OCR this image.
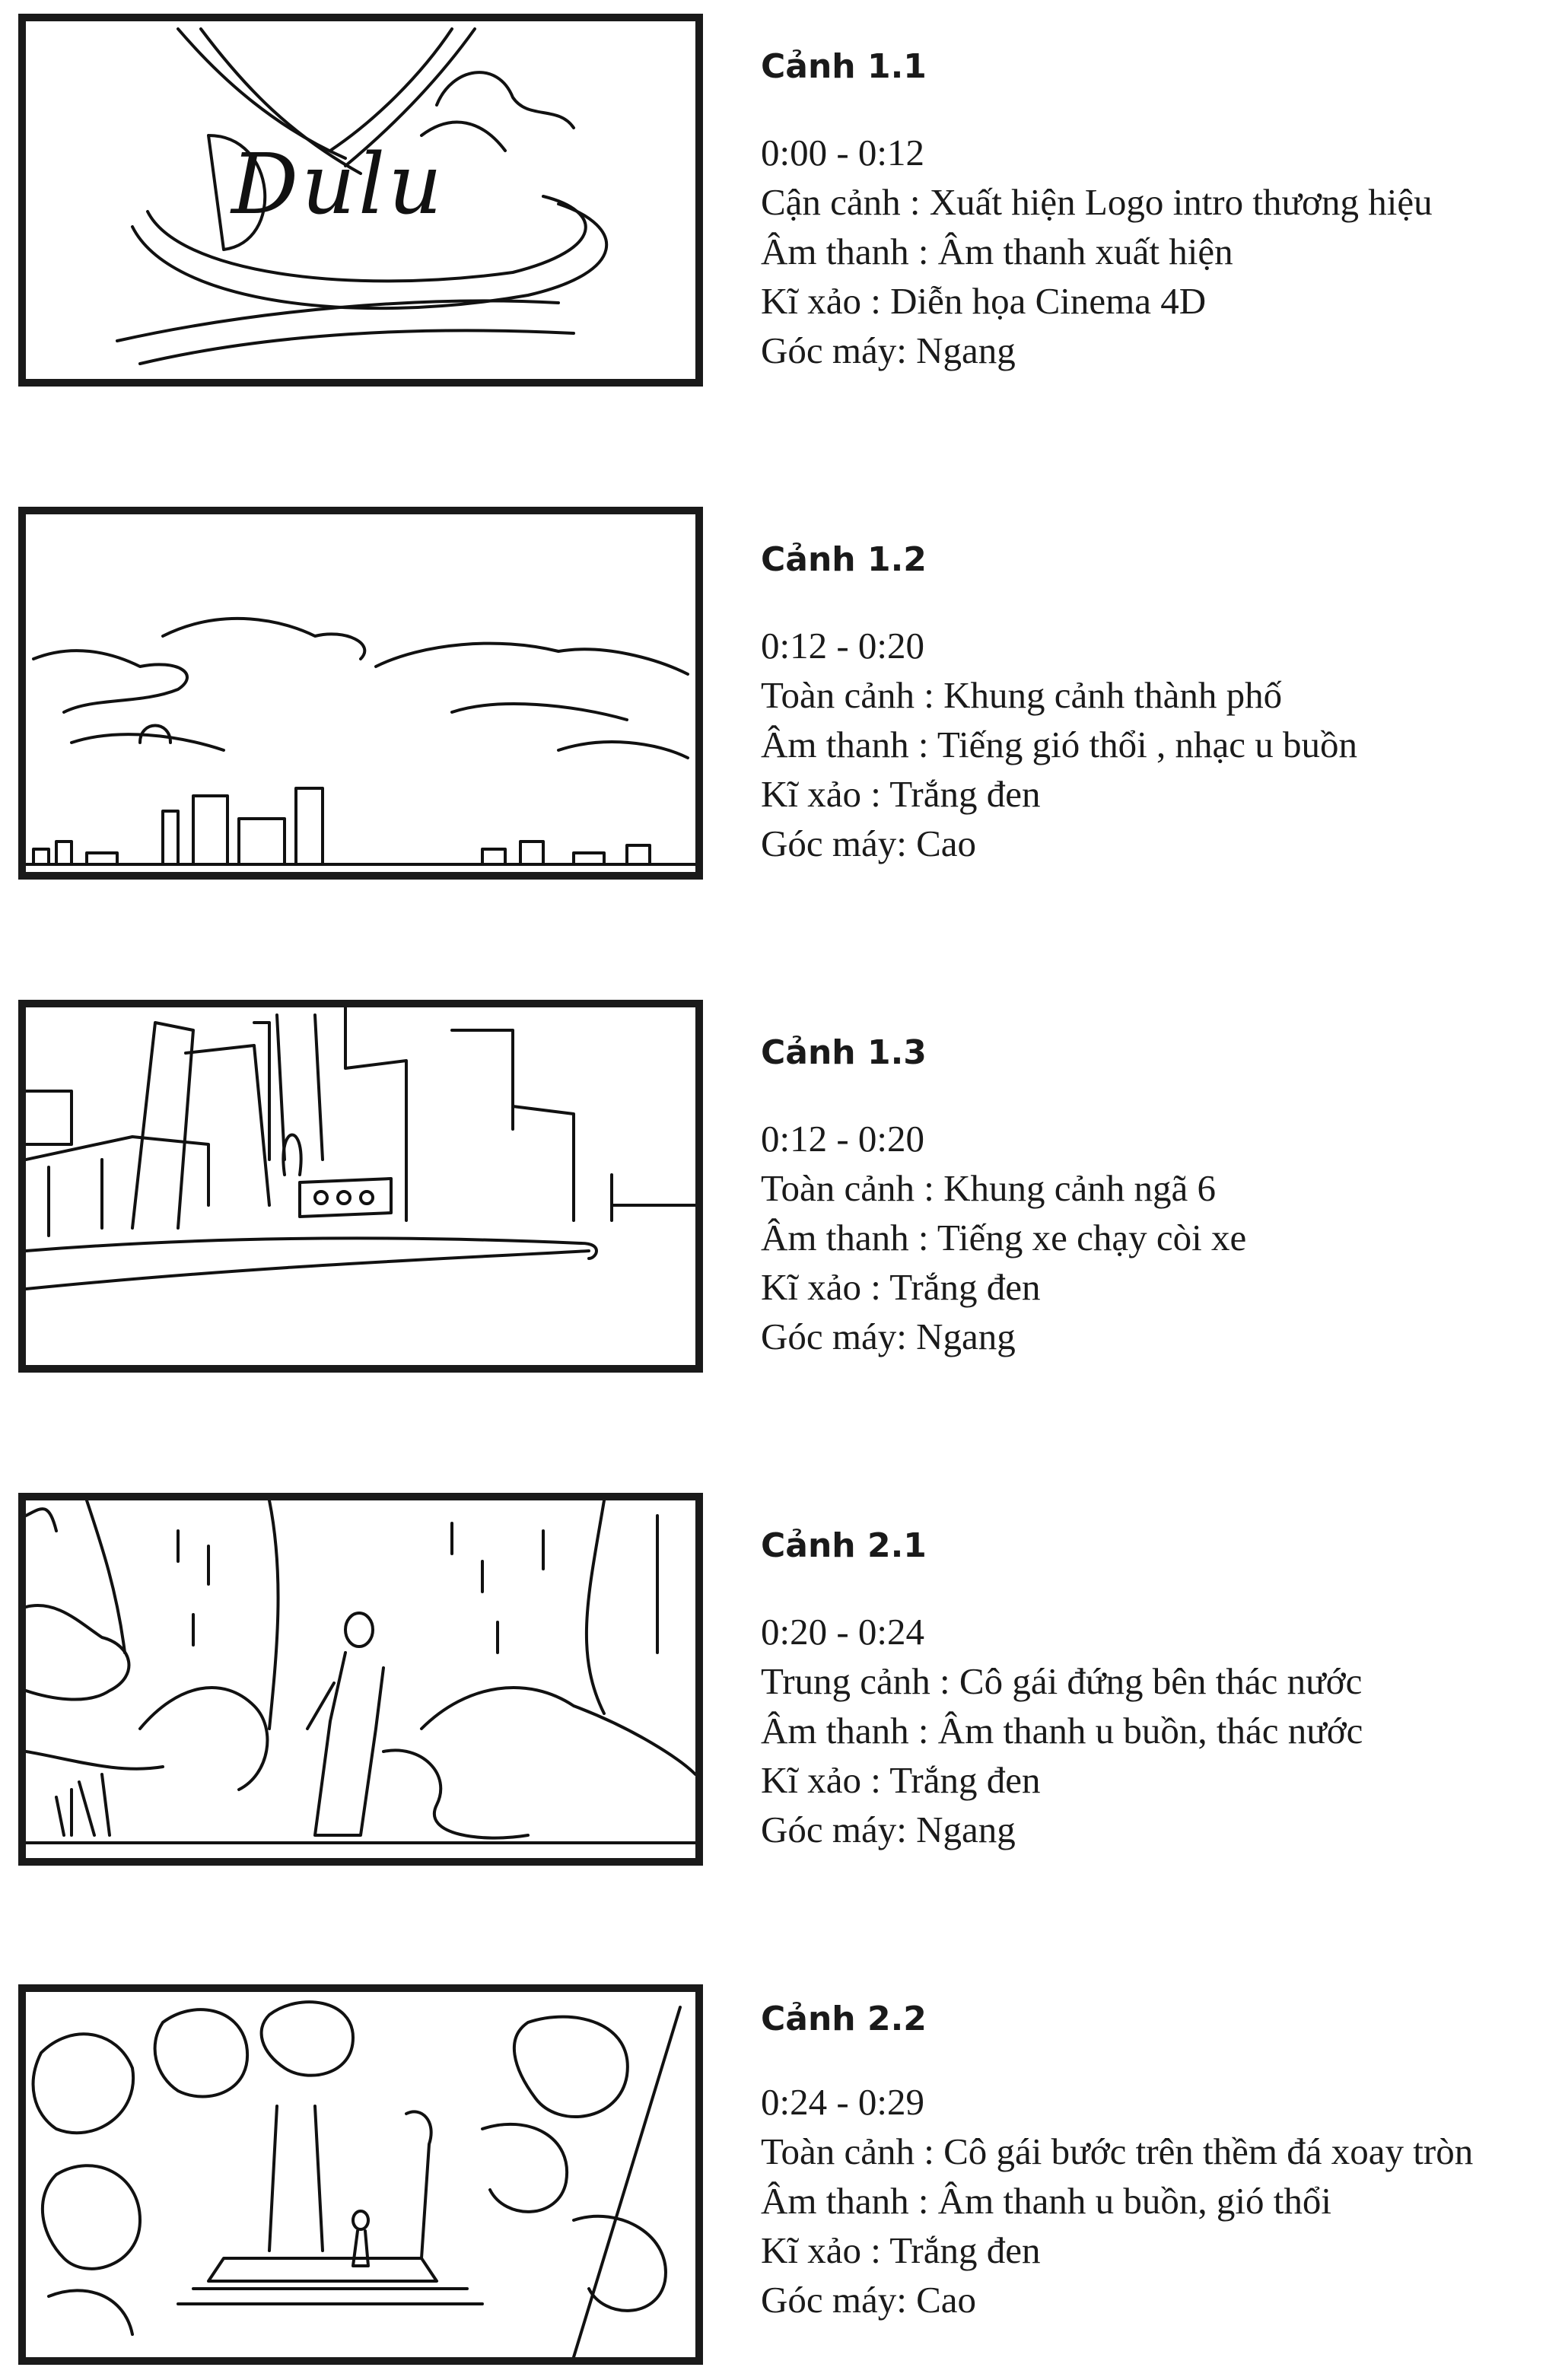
Dulu

Cảnh 1.1

0:00 - 0:12

Cận cảnh : Xuất hiện Logo intro thương hiệu

Âm thanh : Âm thanh xuất hiện

Kĩ xảo : Diễn họa Cinema 4D

Góc máy: Ngang

Cảnh 1.2

0:12 - 0:20

Toàn cảnh : Khung cảnh thành phố

Âm thanh : Tiếng gió thổi , nhạc u buồn

Kĩ xảo : Trắng đen

Góc máy: Cao

Cảnh 1.3

0:12 - 0:20

Toàn cảnh : Khung cảnh ngã 6

Âm thanh : Tiếng xe chạy còi xe

Kĩ xảo : Trắng đen

Góc máy: Ngang

Cảnh 2.1

0:20 - 0:24

Trung cảnh : Cô gái đứng bên thác nước

Âm thanh : Âm thanh u buồn, thác nước

Kĩ xảo : Trắng đen

Góc máy: Ngang

Cảnh 2.2

0:24 - 0:29

Toàn cảnh : Cô gái bước trên thềm đá xoay tròn

Âm thanh : Âm thanh u buồn, gió thổi

Kĩ xảo : Trắng đen

Góc máy: Cao
